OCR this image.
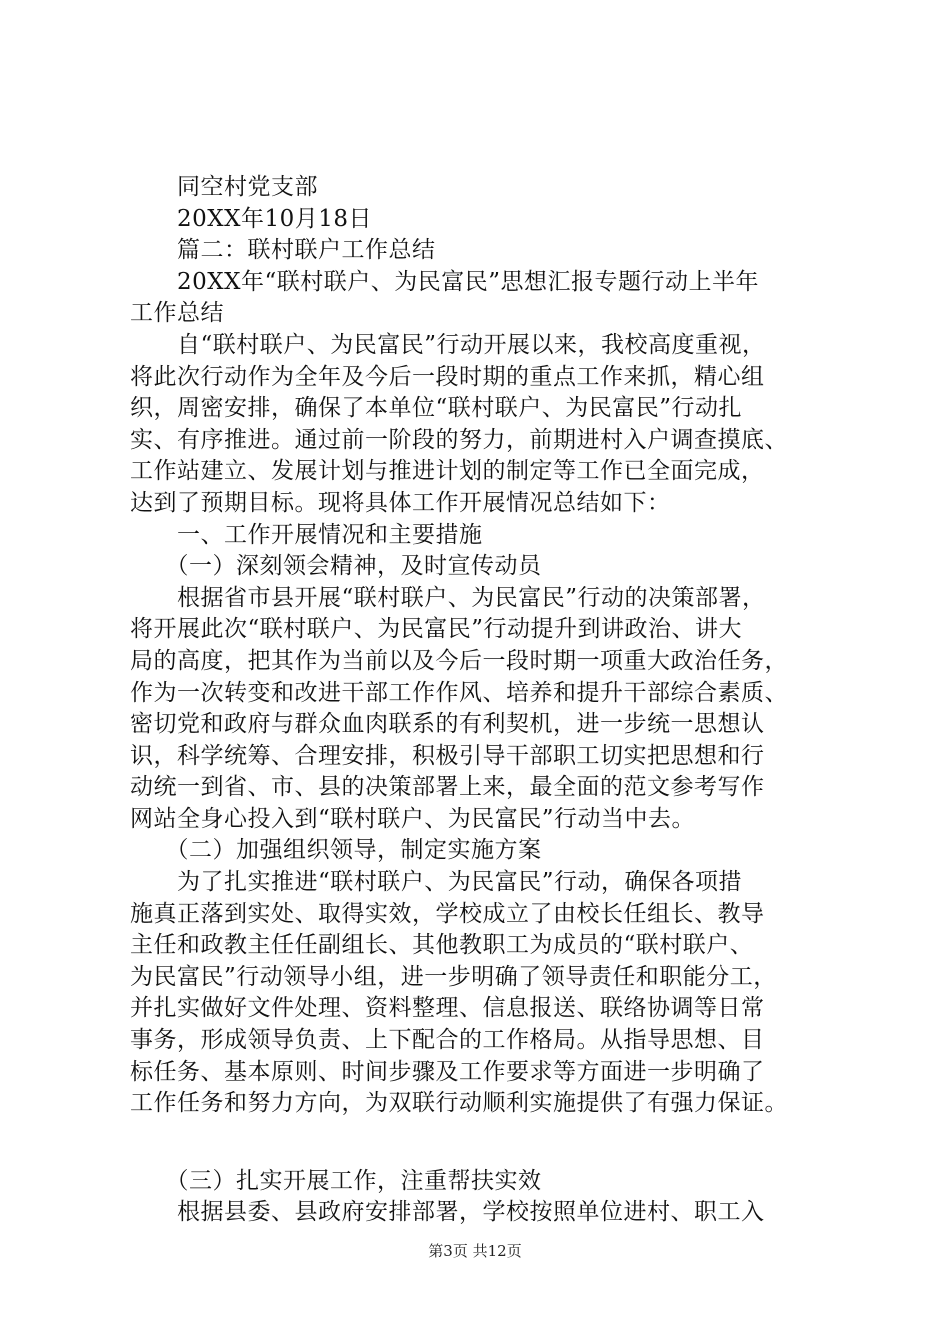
　　同空村党支部
　　20XX年10月18日
　　篇二：联村联户工作总结
　　20XX年“联村联户、为民富民”思想汇报专题行动上半年
工作总结
　　自“联村联户、为民富民”行动开展以来，我校高度重视，
将此次行动作为全年及今后一段时期的重点工作来抓，精心组
织，周密安排，确保了本单位“联村联户、为民富民”行动扎
实、有序推进。通过前一阶段的努力，前期进村入户调查摸底、
工作站建立、发展计划与推进计划的制定等工作已全面完成，
达到了预期目标。现将具体工作开展情况总结如下：
　　一、工作开展情况和主要措施
　　（一）深刻领会精神，及时宣传动员
　　根据省市县开展“联村联户、为民富民”行动的决策部署，
将开展此次“联村联户、为民富民”行动提升到讲政治、讲大
局的高度，把其作为当前以及今后一段时期一项重大政治任务，
作为一次转变和改进干部工作作风、培养和提升干部综合素质、
密切党和政府与群众血肉联系的有利契机，进一步统一思想认
识，科学统筹、合理安排，积极引导干部职工切实把思想和行
动统一到省、市、县的决策部署上来，最全面的范文参考写作
网站全身心投入到“联村联户、为民富民”行动当中去。
　　（二）加强组织领导，制定实施方案
　　为了扎实推进“联村联户、为民富民”行动，确保各项措
施真正落到实处、取得实效，学校成立了由校长任组长、教导
主任和政教主任任副组长、其他教职工为成员的“联村联户、
为民富民”行动领导小组，进一步明确了领导责任和职能分工，
并扎实做好文件处理、资料整理、信息报送、联络协调等日常
事务，形成领导负责、上下配合的工作格局。从指导思想、目
标任务、基本原则、时间步骤及工作要求等方面进一步明确了
工作任务和努力方向，为双联行动顺利实施提供了有强力保证。
　　（三）扎实开展工作，注重帮扶实效
　　根据县委、县政府安排部署，学校按照单位进村、职工入
第3页 共12页
